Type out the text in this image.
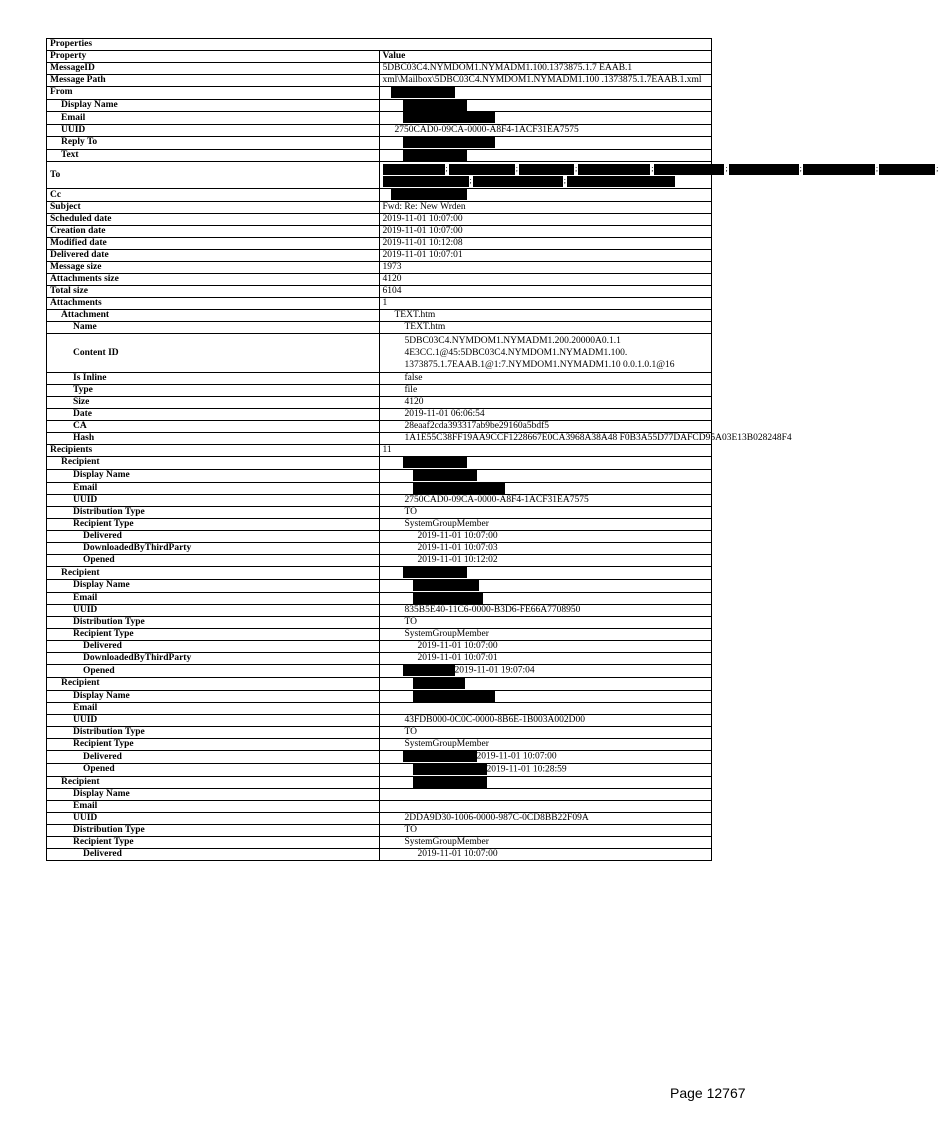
Properties	
Property	Value
MessageID	5DBC03C4.NYMDOM1.NYMADM1.100.1373875.1.7 EAAB.1
Message Path	xml\Mailbox\5DBC03C4.NYMDOM1.NYMADM1.100 .1373875.1.7EAAB.1.xml
From	
Display Name	
Email	
UUID	2750CAD0-09CA-0000-A8F4-1ACF31EA7575
Reply To	
Text	
To	; ; ; ; ; ; ; ;
; ;

Cc	
Subject	Fwd: Re: New Wrden
Scheduled date	2019-11-01 10:07:00
Creation date	2019-11-01 10:07:00
Modified date	2019-11-01 10:12:08
Delivered date	2019-11-01 10:07:01
Message size	1973
Attachments size	4120
Total size	6104
Attachments	1
Attachment	TEXT.htm
Name	TEXT.htm
Content ID	5DBC03C4.NYMDOM1.NYMADM1.200.20000A0.1.1
4E3CC.1@45:5DBC03C4.NYMDOM1.NYMADM1.100.
1373875.1.7EAAB.1@1:7.NYMDOM1.NYMADM1.10 0.0.1.0.1@16

Is Inline	false
Type	file
Size	4120
Date	2019-11-01 06:06:54
CA	28eaaf2cda393317ab9be29160a5bdf5
Hash	1A1E55C38FF19AA9CCF1228667E0CA3968A38A48 F0B3A55D77DAFCD95A03E13B028248F4
Recipients	11
Recipient	
Display Name	
Email	
UUID	2750CAD0-09CA-0000-A8F4-1ACF31EA7575
Distribution Type	TO
Recipient Type	SystemGroupMember
Delivered	2019-11-01 10:07:00
DownloadedByThirdParty	2019-11-01 10:07:03
Opened	2019-11-01 10:12:02
Recipient	
Display Name	
Email	
UUID	835B5E40-11C6-0000-B3D6-FE66A7708950
Distribution Type	TO
Recipient Type	SystemGroupMember
Delivered	2019-11-01 10:07:00
DownloadedByThirdParty	2019-11-01 10:07:01
Opened	2019-11-01 19:07:04
Recipient	
Display Name	
Email	
UUID	43FDB000-0C0C-0000-8B6E-1B003A002D00
Distribution Type	TO
Recipient Type	SystemGroupMember
Delivered	2019-11-01 10:07:00
Opened	2019-11-01 10:28:59
Recipient	
Display Name	
Email	
UUID	2DDA9D30-1006-0000-987C-0CD8BB22F09A
Distribution Type	TO
Recipient Type	SystemGroupMember
Delivered	2019-11-01 10:07:00
Page 12767
